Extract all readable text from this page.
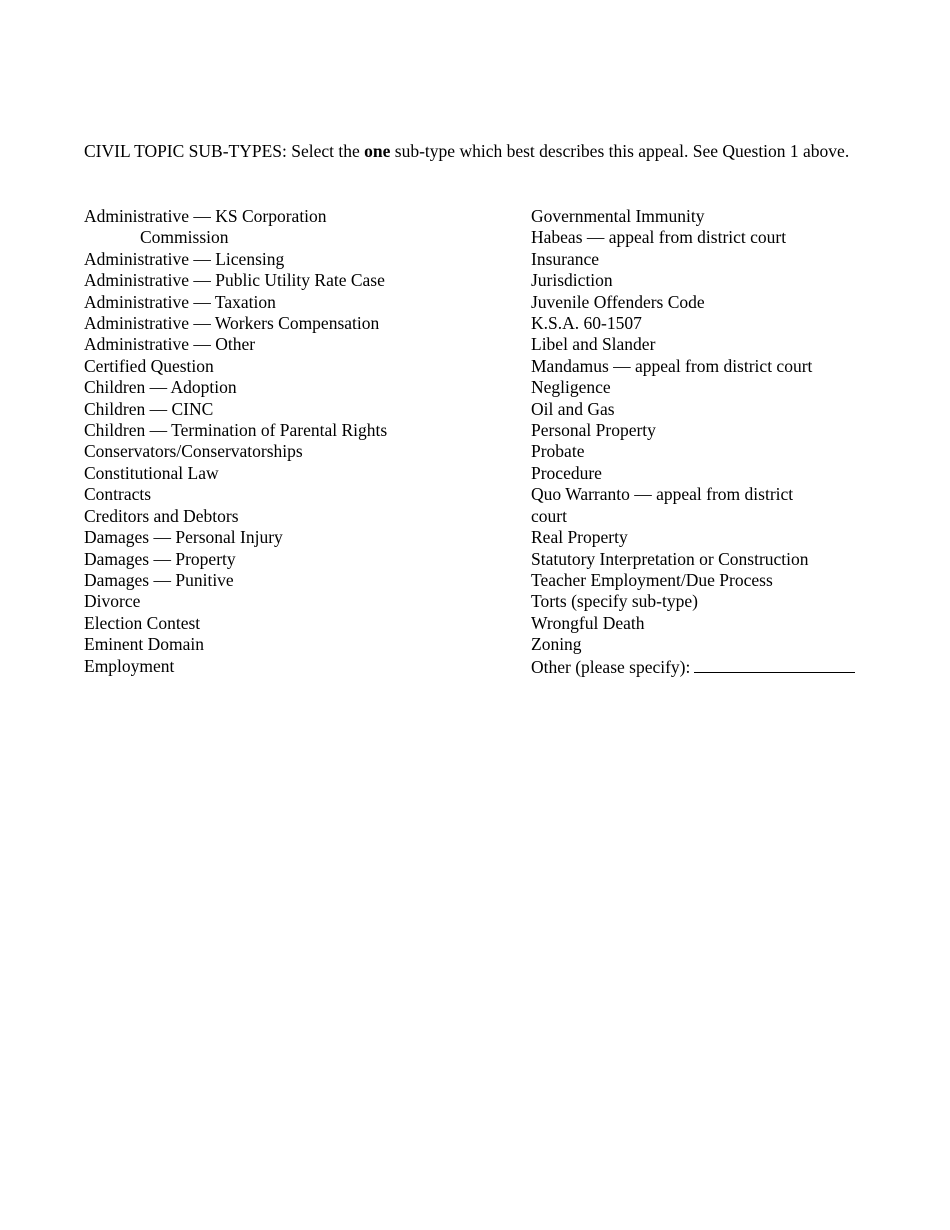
CIVIL TOPIC SUB-TYPES: Select the one sub-type which best describes this appeal. See Question 1 above.
Administrative — KS Corporation
Commission
Administrative — Licensing
Administrative — Public Utility Rate Case
Administrative — Taxation
Administrative — Workers Compensation
Administrative — Other
Certified Question
Children — Adoption
Children — CINC
Children — Termination of Parental Rights
Conservators/Conservatorships
Constitutional Law
Contracts
Creditors and Debtors
Damages — Personal Injury
Damages — Property
Damages — Punitive
Divorce
Election Contest
Eminent Domain
Employment
Governmental Immunity
Habeas — appeal from district court
Insurance
Jurisdiction
Juvenile Offenders Code
K.S.A. 60-1507
Libel and Slander
Mandamus — appeal from district court
Negligence
Oil and Gas
Personal Property
Probate
Procedure
Quo Warranto — appeal from district
court
Real Property
Statutory Interpretation or Construction
Teacher Employment/Due Process
Torts (specify sub-type)
Wrongful Death
Zoning
Other (please specify):
